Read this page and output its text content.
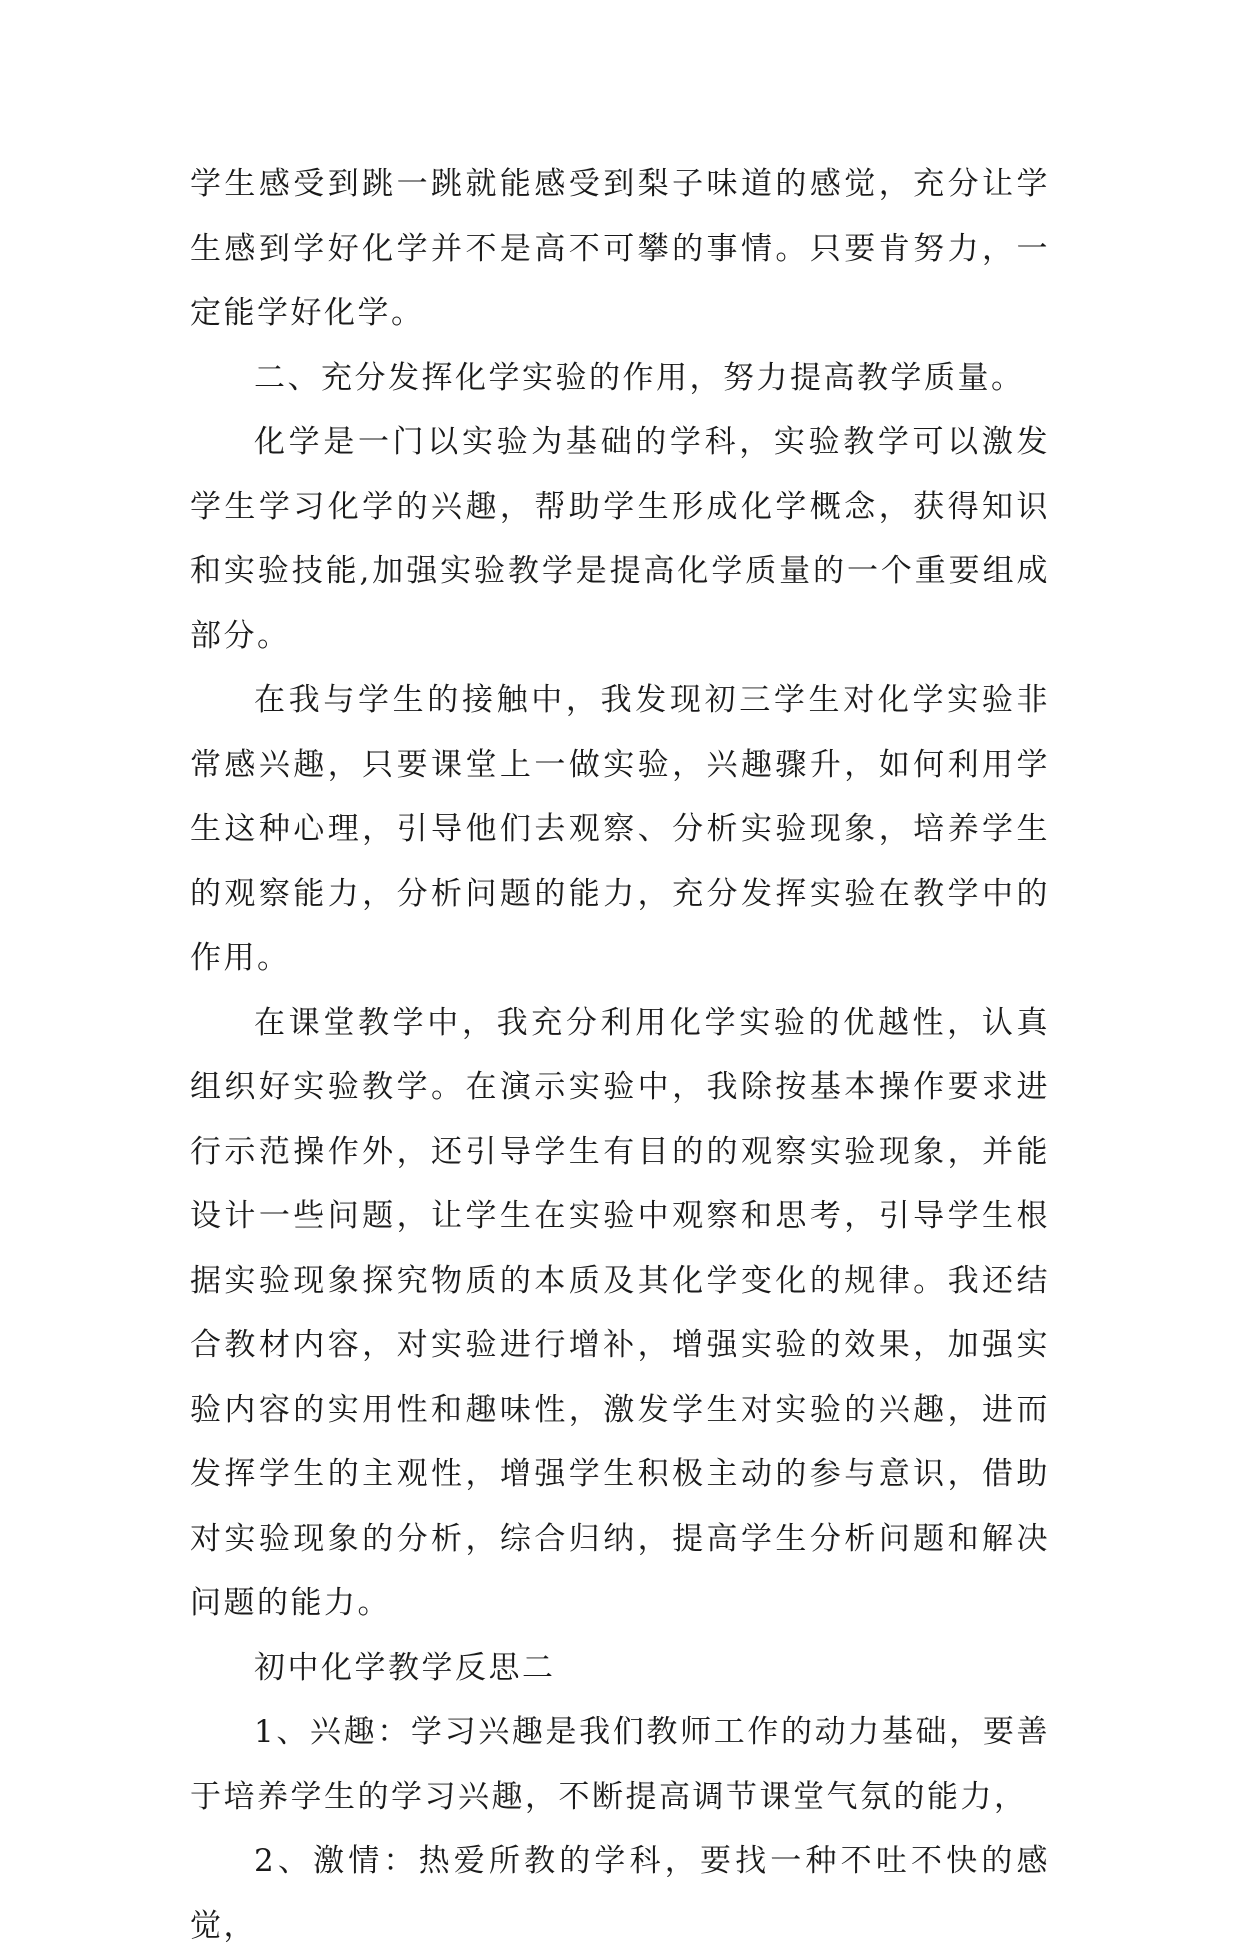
学生感受到跳一跳就能感受到梨子味道的感觉，充分让学生感到学好化学并不是高不可攀的事情。只要肯努力，一定能学好化学。

二、充分发挥化学实验的作用，努力提高教学质量。

化学是一门以实验为基础的学科，实验教学可以激发学生学习化学的兴趣，帮助学生形成化学概念，获得知识和实验技能,加强实验教学是提高化学质量的一个重要组成部分。

在我与学生的接触中，我发现初三学生对化学实验非常感兴趣，只要课堂上一做实验，兴趣骤升，如何利用学生这种心理，引导他们去观察、分析实验现象，培养学生的观察能力，分析问题的能力，充分发挥实验在教学中的作用。

在课堂教学中，我充分利用化学实验的优越性，认真组织好实验教学。在演示实验中，我除按基本操作要求进行示范操作外，还引导学生有目的的观察实验现象，并能设计一些问题，让学生在实验中观察和思考，引导学生根据实验现象探究物质的本质及其化学变化的规律。我还结合教材内容，对实验进行增补，增强实验的效果，加强实验内容的实用性和趣味性，激发学生对实验的兴趣，进而发挥学生的主观性，增强学生积极主动的参与意识，借助对实验现象的分析，综合归纳，提高学生分析问题和解决问题的能力。

初中化学教学反思二

1、兴趣：学习兴趣是我们教师工作的动力基础，要善于培养学生的学习兴趣，不断提高调节课堂气氛的能力，

2、激情：热爱所教的学科，要找一种不吐不快的感觉，
